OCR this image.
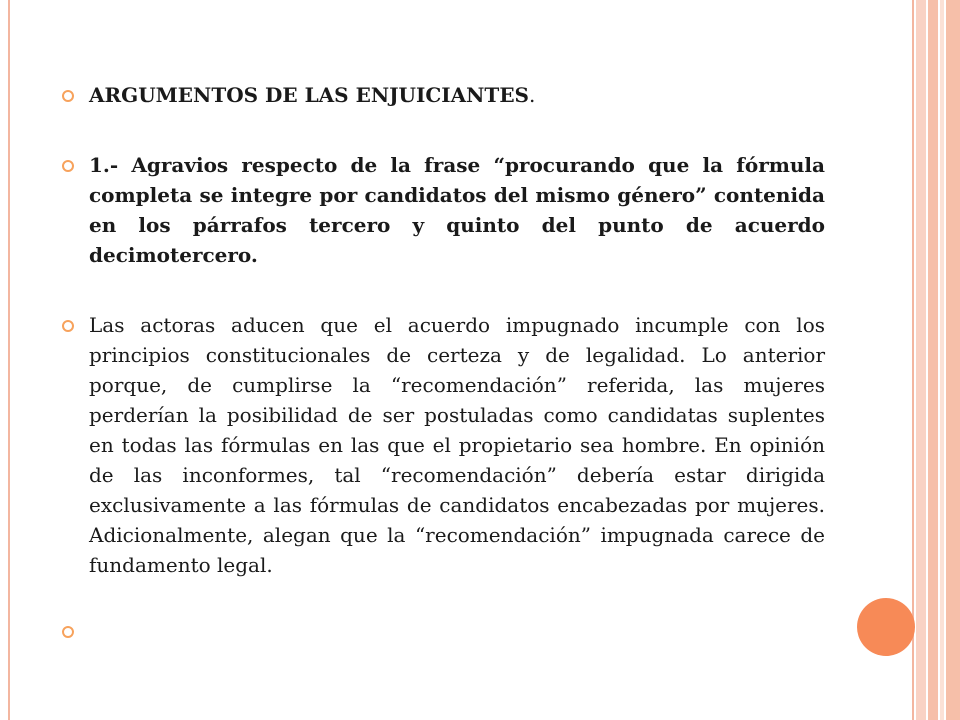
ARGUMENTOS DE LAS ENJUICIANTES.

1.- Agravios respecto de la frase “procurando que la fórmula completa se integre por candidatos del mismo género” contenida en los párrafos tercero y quinto del punto de acuerdo decimotercero.

Las actoras aducen que el acuerdo impugnado incumple con los principios constitucionales de certeza y de legalidad. Lo anterior porque, de cumplirse la “recomendación” referida, las mujeres perderían la posibilidad de ser postuladas como candidatas suplentes en todas las fórmulas en las que el propietario sea hombre. En opinión de las inconformes, tal “recomendación” debería estar dirigida exclusivamente a las fórmulas de candidatos encabezadas por mujeres. Adicionalmente, alegan que la “recomendación” impugnada carece de fundamento legal.
